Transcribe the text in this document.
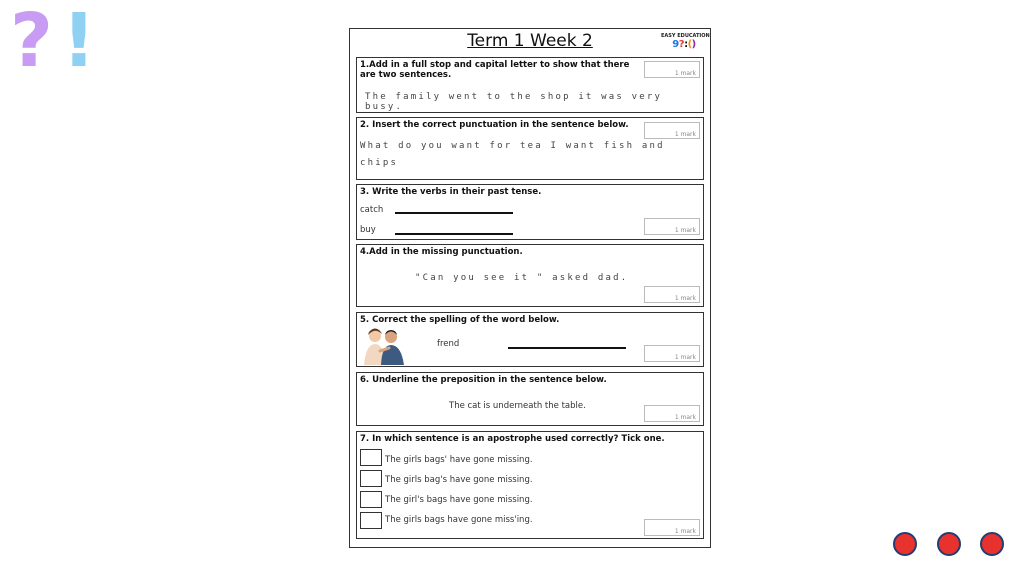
? !	Term 1 Week 2	EASY EDUCATION
9?:()
1.Add in a full stop and capital letter to show that there are two sentences.	1 mark
The family went to the shop it was very busy.
2. Insert the correct punctuation in the sentence below.
1 mark
What do you want for tea I want fish and
chips
3. Write the verbs in their past tense.
catch
buy	1 mark
4.Add in the missing punctuation.
"Can you see it " asked dad.
1 mark
5. Correct the spelling of the word below.
frend
1 mark
6. Underline the preposition in the sentence below.
The cat is underneath the table.
1 mark
7. In which sentence is an apostrophe used correctly? Tick one.
The girls bags' have gone missing.
The girls bag's have gone missing.
The girl's bags have gone missing.
The girls bags have gone miss'ing.
1 mark
